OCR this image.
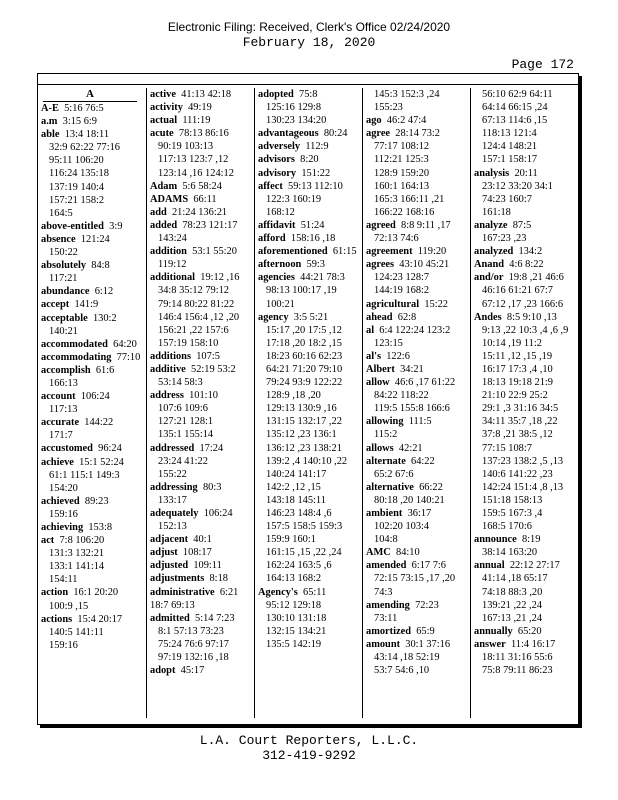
Electronic Filing: Received, Clerk's Office 02/24/2020
February 18, 2020
Page 172
A
A-E 5:16 76:5
a.m 3:15 6:9
able 13:4 18:11
32:9 62:22 77:16
95:11 106:20
116:24 135:18
137:19 140:4
157:21 158:2
164:5
above-entitled 3:9
absence 121:24
150:22
absolutely 84:8
117:21
abundance 6:12
accept 141:9
acceptable 130:2
140:21
accommodated 64:20
accommodating 77:10
accomplish 61:6
166:13
account 106:24
117:13
accurate 144:22
171:7
accustomed 96:24
achieve 15:1 52:24
61:1 115:1 149:3
154:20
achieved 89:23
159:16
achieving 153:8
act 7:8 106:20
131:3 132:21
133:1 141:14
154:11
action 16:1 20:20
100:9 ,15
actions 15:4 20:17
140:5 141:11
159:16
active 41:13 42:18
activity 49:19
actual 111:19
acute 78:13 86:16
90:19 103:13
117:13 123:7 ,12
123:14 ,16 124:12
Adam 5:6 58:24
ADAMS 66:11
add 21:24 136:21
added 78:23 121:17
143:24
addition 53:1 55:20
119:12
additional 19:12 ,16
34:8 35:12 79:12
79:14 80:22 81:22
146:4 156:4 ,12 ,20
156:21 ,22 157:6
157:19 158:10
additions 107:5
additive 52:19 53:2
53:14 58:3
address 101:10
107:6 109:6
127:21 128:1
135:1 155:14
addressed 17:24
23:24 41:22
155:22
addressing 80:3
133:17
adequately 106:24
152:13
adjacent 40:1
adjust 108:17
adjusted 109:11
adjustments 8:18
administrative 6:21 18:7 69:13
admitted 5:14 7:23
8:1 57:13 73:23
75:24 76:6 97:17
97:19 132:16 ,18
adopt 45:17
adopted 75:8
125:16 129:8
130:23 134:20
advantageous 80:24
adversely 112:9
advisors 8:20
advisory 151:22
affect 59:13 112:10
122:3 160:19
168:12
affidavit 51:24
afford 158:16 ,18
aforementioned 61:15
afternoon 59:3
agencies 44:21 78:3
98:13 100:17 ,19
100:21
agency 3:5 5:21
15:17 ,20 17:5 ,12
17:18 ,20 18:2 ,15
18:23 60:16 62:23
64:21 71:20 79:10
79:24 93:9 122:22
128:9 ,18 ,20
129:13 130:9 ,16
131:15 132:17 ,22
135:12 ,23 136:1
136:12 ,23 138:21
139:2 ,4 140:10 ,22
140:24 141:17
142:2 ,12 ,15
143:18 145:11
146:23 148:4 ,6
157:5 158:5 159:3
159:9 160:1
161:15 ,15 ,22 ,24
162:24 163:5 ,6
164:13 168:2
Agency's 65:11
95:12 129:18
130:10 131:18
132:15 134:21
135:5 142:19
145:3 152:3 ,24
155:23
ago 46:2 47:4
agree 28:14 73:2
77:17 108:12
112:21 125:3
128:9 159:20
160:1 164:13
165:3 166:11 ,21
166:22 168:16
agreed 8:8 9:11 ,17
72:13 74:6
agreement 119:20
agrees 43:10 45:21
124:23 128:7
144:19 168:2
agricultural 15:22
ahead 62:8
al 6:4 122:24 123:2
123:15
al's 122:6
Albert 34:21
allow 46:6 ,17 61:22
84:22 118:22
119:5 155:8 166:6
allowing 111:5
115:2
allows 42:21
alternate 64:22
65:2 67:6
alternative 66:22
80:18 ,20 140:21
ambient 36:17
102:20 103:4
104:8
AMC 84:10
amended 6:17 7:6
72:15 73:15 ,17 ,20
74:3
amending 72:23
73:11
amortized 65:9
amount 30:1 37:16
43:14 ,18 52:19
53:7 54:6 ,10
56:10 62:9 64:11
64:14 66:15 ,24
67:13 114:6 ,15
118:13 121:4
124:4 148:21
157:1 158:17
analysis 20:11
23:12 33:20 34:1
74:23 160:7
161:18
analyze 87:5
167:23 ,23
analyzed 134:2
Anand 4:6 8:22
and/or 19:8 ,21 46:6
46:16 61:21 67:7
67:12 ,17 ,23 166:6
Andes 8:5 9:10 ,13
9:13 ,22 10:3 ,4 ,6 ,9
10:14 ,19 11:2
15:11 ,12 ,15 ,19
16:17 17:3 ,4 ,10
18:13 19:18 21:9
21:10 22:9 25:2
29:1 ,3 31:16 34:5
34:11 35:7 ,18 ,22
37:8 ,21 38:5 ,12
77:15 108:7
137:23 138:2 ,5 ,13
140:6 141:22 ,23
142:24 151:4 ,8 ,13
151:18 158:13
159:5 167:3 ,4
168:5 170:6
announce 8:19
38:14 163:20
annual 22:12 27:17
41:14 ,18 65:17
74:18 88:3 ,20
139:21 ,22 ,24
167:13 ,21 ,24
annually 65:20
answer 11:4 16:17
18:11 31:16 55:6
75:8 79:11 86:23
L.A. Court Reporters, L.L.C.
312-419-9292
